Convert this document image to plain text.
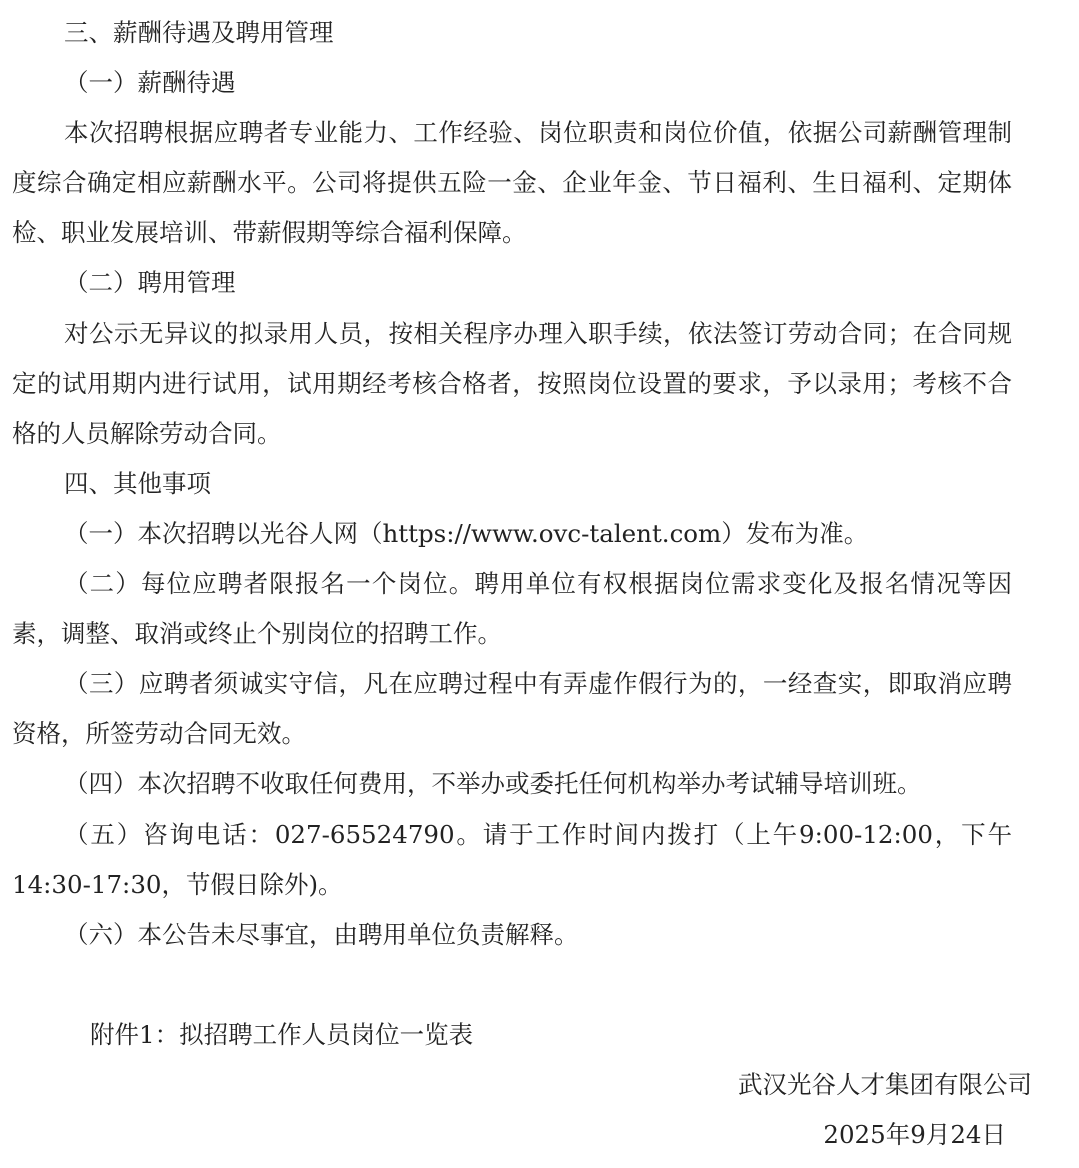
三、薪酬待遇及聘用管理

（一）薪酬待遇

本次招聘根据应聘者专业能力、工作经验、岗位职责和岗位价值，依据公司薪酬管理制度综合确定相应薪酬水平。公司将提供五险一金、企业年金、节日福利、生日福利、定期体检、职业发展培训、带薪假期等综合福利保障。

（二）聘用管理

对公示无异议的拟录用人员，按相关程序办理入职手续，依法签订劳动合同；在合同规定的试用期内进行试用，试用期经考核合格者，按照岗位设置的要求，予以录用；考核不合格的人员解除劳动合同。

四、其他事项

（一）本次招聘以光谷人网（https://www.ovc-talent.com）发布为准。

（二）每位应聘者限报名一个岗位。聘用单位有权根据岗位需求变化及报名情况等因素，调整、取消或终止个别岗位的招聘工作。

（三）应聘者须诚实守信，凡在应聘过程中有弄虚作假行为的，一经查实，即取消应聘资格，所签劳动合同无效。

（四）本次招聘不收取任何费用，不举办或委托任何机构举办考试辅导培训班。

（五）咨询电话：027-65524790。请于工作时间内拨打（上午9:00-12:00，下午14:30-17:30，节假日除外)。

（六）本公告未尽事宜，由聘用单位负责解释。

附件1：拟招聘工作人员岗位一览表

武汉光谷人才集团有限公司

2025年9月24日
